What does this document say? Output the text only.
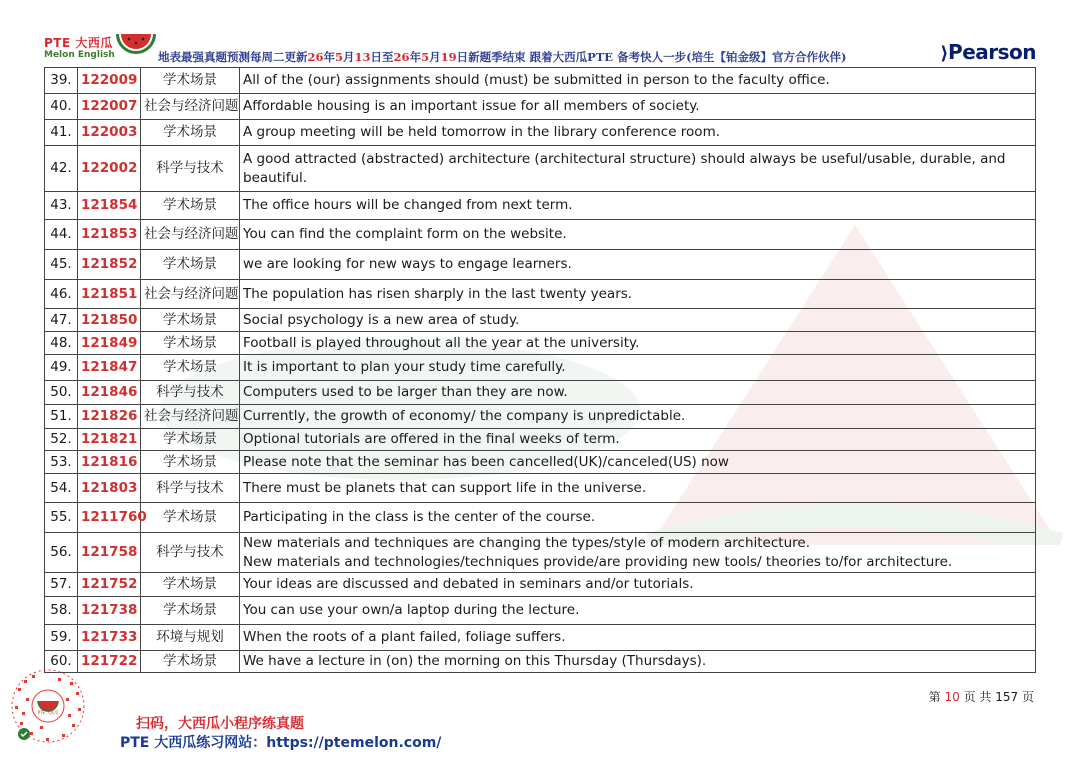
PTE 大西瓜
Melon English	地表最强真题预测每周二更新26年5月13日至26年5月19日新题季结束 跟着大西瓜PTE 备考快人一步(培生【铂金级】官方合作伙伴)	⟩Pearson
39.	122009	学术场景	All of the (our) assignments should (must) be submitted in person to the faculty office.
40.	122007	社会与经济问题	Affordable housing is an important issue for all members of society.
41.	122003	学术场景	A group meeting will be held tomorrow in the library conference room.
42.	122002	科学与技术	A good attracted (abstracted) architecture (architectural structure) should always be useful/usable, durable, and beautiful.
43.	121854	学术场景	The office hours will be changed from next term.
44.	121853	社会与经济问题	You can find the complaint form on the website.
45.	121852	学术场景	we are looking for new ways to engage learners.
46.	121851	社会与经济问题	The population has risen sharply in the last twenty years.
47.	121850	学术场景	Social psychology is a new area of study.
48.	121849	学术场景	Football is played throughout all the year at the university.
49.	121847	学术场景	It is important to plan your study time carefully.
50.	121846	科学与技术	Computers used to be larger than they are now.
51.	121826	社会与经济问题	Currently, the growth of economy/ the company is unpredictable.
52.	121821	学术场景	Optional tutorials are offered in the final weeks of term.
53.	121816	学术场景	Please note that the seminar has been cancelled(UK)/canceled(US) now
54.	121803	科学与技术	There must be planets that can support life in the universe.
55.	1211760	学术场景	Participating in the class is the center of the course.
56.	121758	科学与技术	New materials and techniques are changing the types/style of modern architecture.
New materials and technologies/techniques provide/are providing new tools/ theories to/for architecture.
57.	121752	学术场景	Your ideas are discussed and debated in seminars and/or tutorials.
58.	121738	学术场景	You can use your own/a laptop during the lecture.
59.	121733	环境与规划	When the roots of a plant failed, foliage suffers.
60.	121722	学术场景	We have a lecture in (on) the morning on this Thursday (Thursdays).
PTE 大西瓜
扫码，大西瓜小程序练真题
PTE 大西瓜练习网站：https://ptemelon.com/
第 10 页 共 157 页
